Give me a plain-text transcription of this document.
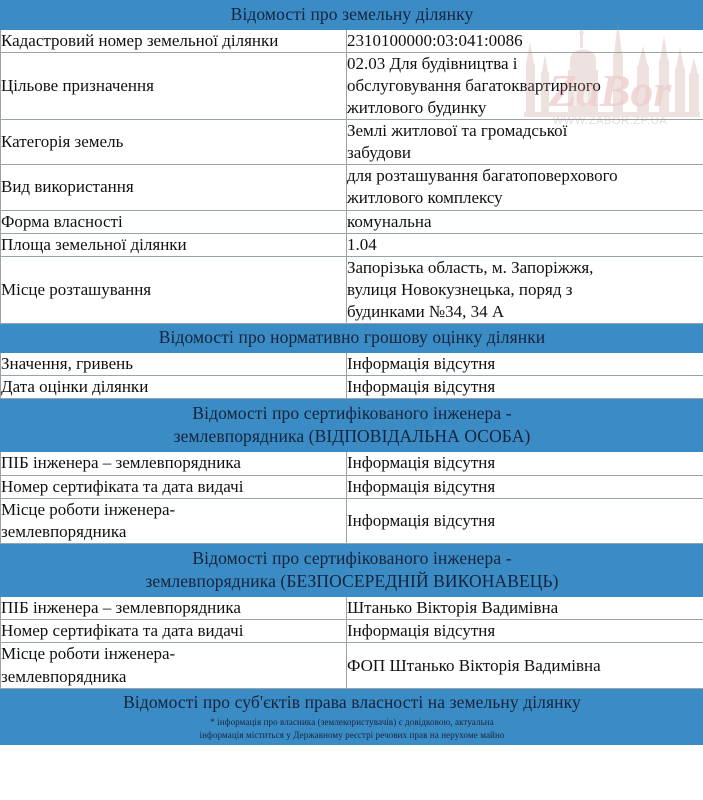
ZaBor
WWW.ZABOR.ZP.UA
Відомості про земельну ділянку	

Кадастровий номер земельної ділянки	2310100000:03:041:0086

Цільове призначення	02.03 Для будівництва і
обслуговування багатоквартирного
житлового будинку

Категорія земель	Землі житлової та громадської
забудови

Вид використання	для розташування багатоповерхового
житлового комплексу

Форма власності	комунальна

Площа земельної ділянки	1.04

Місце розташування	Запорізька область, м. Запоріжжя,
вулиця Новокузнецька, поряд з
будинками №34, 34 А

Відомості про нормативно грошову оцінку ділянки	

Значення, гривень	Інформація відсутня

Дата оцінки ділянки	Інформація відсутня

Відомості про сертифікованого інженера -
землевпорядника (ВІДПОВІДАЛЬНА ОСОБА)	

ПІБ інженера – землевпорядника	Інформація відсутня

Номер сертифіката та дата видачі	Інформація відсутня

Місце роботи інженера-
землевпорядника	Інформація відсутня

Відомості про сертифікованого інженера -
землевпорядника (БЕЗПОСЕРЕДНІЙ ВИКОНАВЕЦЬ)	

ПІБ інженера – землевпорядника	Штанько Вікторія Вадимівна

Номер сертифіката та дата видачі	Інформація відсутня

Місце роботи інженера-
землевпорядника	ФОП Штанько Вікторія Вадимівна

Відомості про суб'єктів права власності на земельну ділянку
* інформація про власника (землекористувачів) є довідковою, актуальна
інформація міститься у Державному реєстрі речових прав на нерухоме майно	
